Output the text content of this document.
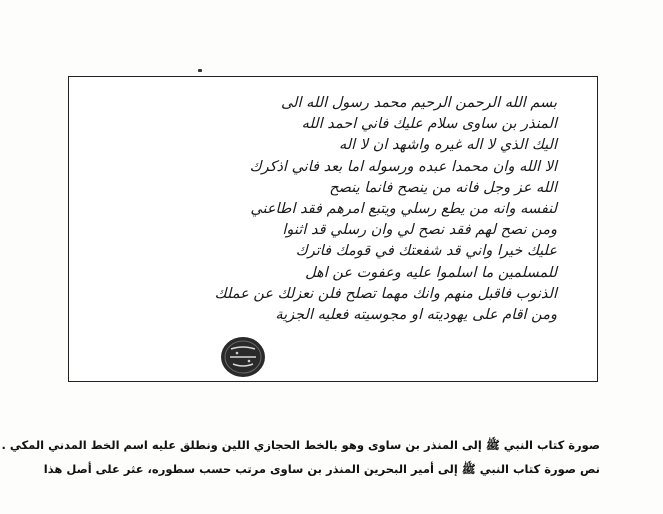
بسم الله الرحمن الرحيم محمد رسول الله الى
المنذر بن ساوى سلام عليك فاني احمد الله
اليك الذي لا اله غيره واشهد ان لا اله
الا الله وان محمدا عبده ورسوله اما بعد فاني اذكرك
الله عز وجل فانه من ينصح فانما ينصح
لنفسه وانه من يطع رسلي ويتبع امرهم فقد اطاعني
ومن نصح لهم فقد نصح لي وان رسلي قد اثنوا
عليك خيرا واني قد شفعتك في قومك فاترك
للمسلمين ما اسلموا عليه وعفوت عن اهل
الذنوب فاقبل منهم وانك مهما تصلح فلن نعزلك عن عملك
ومن اقام على يهوديته او مجوسيته فعليه الجزية
صورة كتاب النبي ﷺ إلى المنذر بن ساوى وهو بالخط الحجازي اللين ونطلق عليه اسم الخط المدني المكي .
نص صورة كتاب النبي ﷺ إلى أمير البحرين المنذر بن ساوى مرتب حسب سطوره، عثر على أصل هذا
